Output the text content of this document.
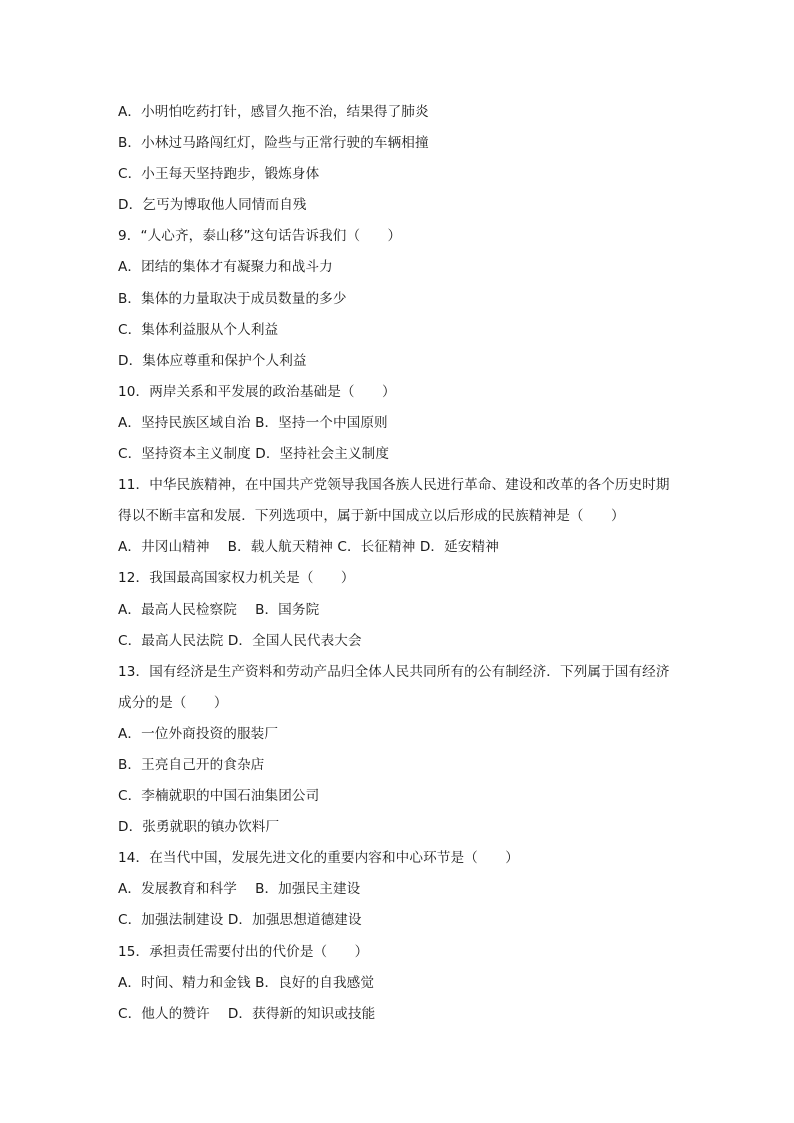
A．小明怕吃药打针，感冒久拖不治，结果得了肺炎
B．小林过马路闯红灯，险些与正常行驶的车辆相撞
C．小王每天坚持跑步，锻炼身体
D．乞丐为博取他人同情而自残
9．“人心齐，泰山移”这句话告诉我们（　　）
A．团结的集体才有凝聚力和战斗力
B．集体的力量取决于成员数量的多少
C．集体利益服从个人利益
D．集体应尊重和保护个人利益
10．两岸关系和平发展的政治基础是（　　）
A．坚持民族区域自治 B．坚持一个中国原则
C．坚持资本主义制度 D．坚持社会主义制度
11．中华民族精神，在中国共产党领导我国各族人民进行革命、建设和改革的各个历史时期
得以不断丰富和发展．下列选项中，属于新中国成立以后形成的民族精神是（　　）
A．井冈山精神　 B．载人航天精神 C．长征精神 D．延安精神
12．我国最高国家权力机关是（　　）
A．最高人民检察院　 B．国务院
C．最高人民法院 D．全国人民代表大会
13．国有经济是生产资料和劳动产品归全体人民共同所有的公有制经济．下列属于国有经济
成分的是（　　）
A．一位外商投资的服装厂
B．王亮自己开的食杂店
C．李楠就职的中国石油集团公司
D．张勇就职的镇办饮料厂
14．在当代中国，发展先进文化的重要内容和中心环节是（　　）
A．发展教育和科学　 B．加强民主建设
C．加强法制建设 D．加强思想道德建设
15．承担责任需要付出的代价是（　　）
A．时间、精力和金钱 B．良好的自我感觉
C．他人的赞许　 D．获得新的知识或技能
